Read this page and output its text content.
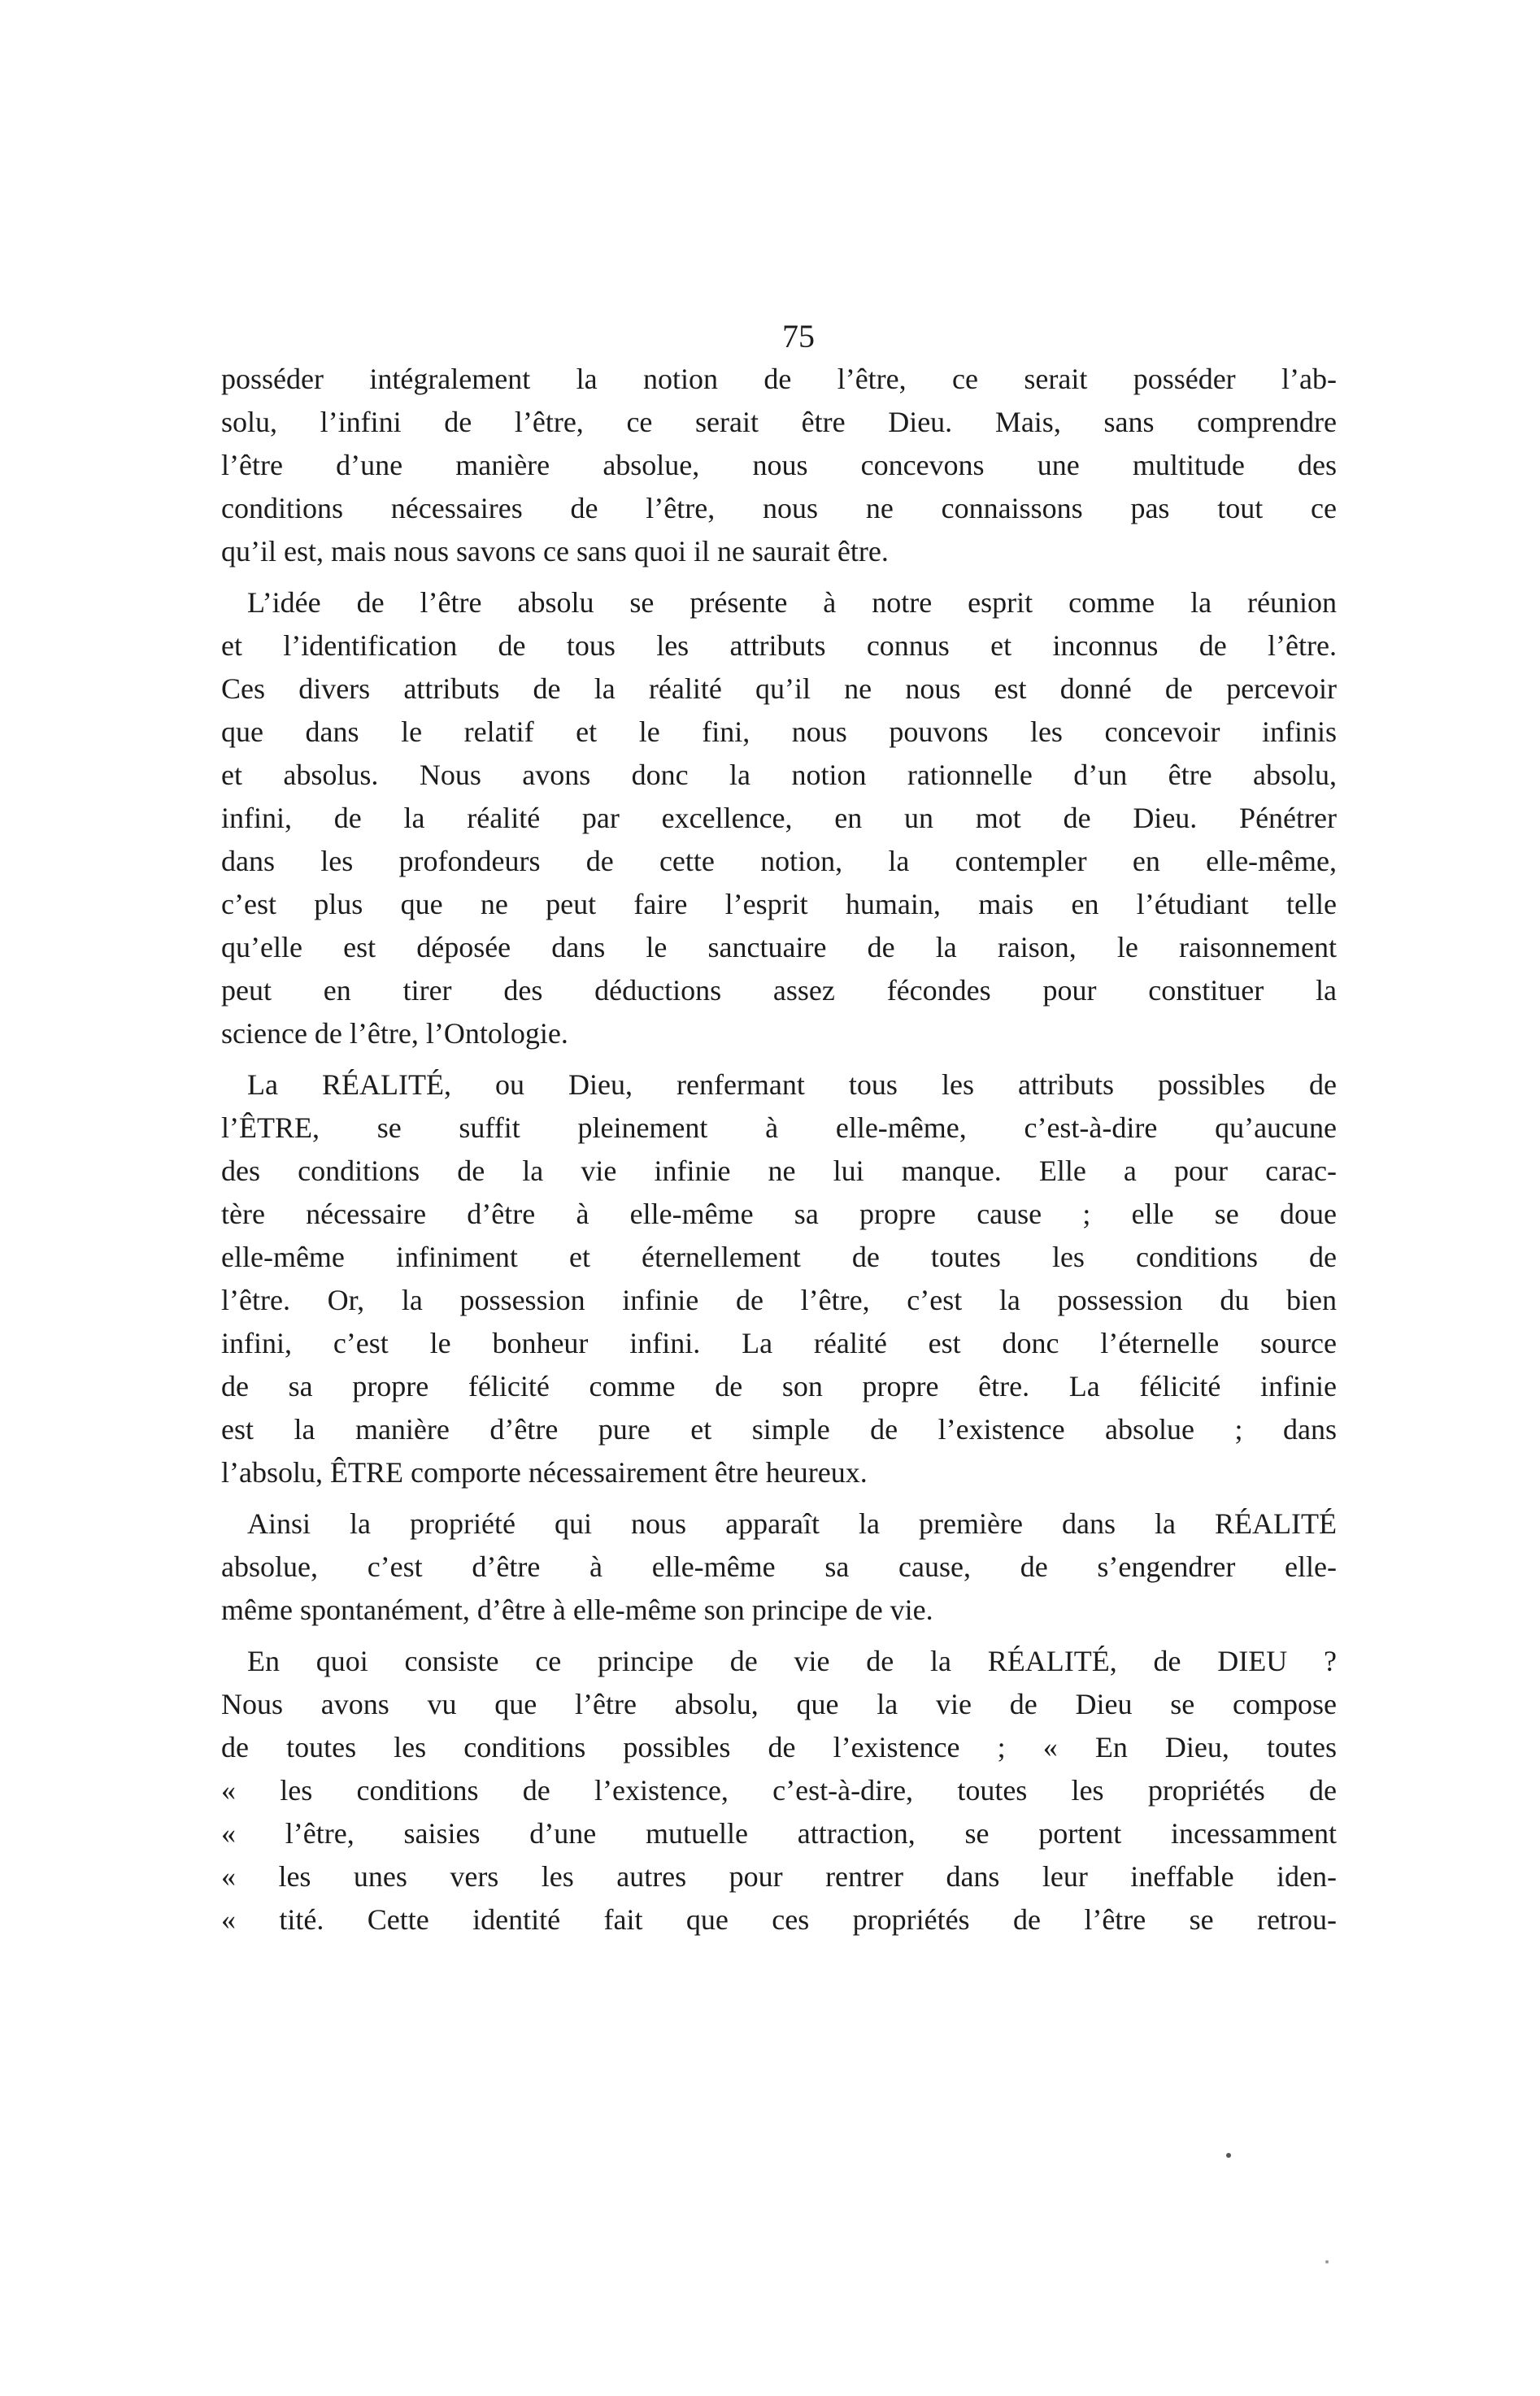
75

posséder intégralement la notion de l’être, ce serait posséder l’ab-
solu, l’infini de l’être, ce serait être Dieu. Mais, sans comprendre
l’être d’une manière absolue, nous concevons une multitude des
conditions nécessaires de l’être, nous ne connaissons pas tout ce
qu’il est, mais nous savons ce sans quoi il ne saurait être.

L’idée de l’être absolu se présente à notre esprit comme la réunion
et l’identification de tous les attributs connus et inconnus de l’être.
Ces divers attributs de la réalité qu’il ne nous est donné de percevoir
que dans le relatif et le fini, nous pouvons les concevoir infinis
et absolus. Nous avons donc la notion rationnelle d’un être absolu,
infini, de la réalité par excellence, en un mot de Dieu. Pénétrer
dans les profondeurs de cette notion, la contempler en elle-même,
c’est plus que ne peut faire l’esprit humain, mais en l’étudiant telle
qu’elle est déposée dans le sanctuaire de la raison, le raisonnement
peut en tirer des déductions assez fécondes pour constituer la
science de l’être, l’Ontologie.

La RÉALITÉ, ou Dieu, renfermant tous les attributs possibles de
l’ÊTRE, se suffit pleinement à elle-même, c’est-à-dire qu’aucune
des conditions de la vie infinie ne lui manque. Elle a pour carac-
tère nécessaire d’être à elle-même sa propre cause ; elle se doue
elle-même infiniment et éternellement de toutes les conditions de
l’être. Or, la possession infinie de l’être, c’est la possession du bien
infini, c’est le bonheur infini. La réalité est donc l’éternelle source
de sa propre félicité comme de son propre être. La félicité infinie
est la manière d’être pure et simple de l’existence absolue ; dans
l’absolu, ÊTRE comporte nécessairement être heureux.

Ainsi la propriété qui nous apparaît la première dans la RÉALITÉ
absolue, c’est d’être à elle-même sa cause, de s’engendrer elle-
même spontanément, d’être à elle-même son principe de vie.

En quoi consiste ce principe de vie de la RÉALITÉ, de DIEU ?
Nous avons vu que l’être absolu, que la vie de Dieu se compose
de toutes les conditions possibles de l’existence ; « En Dieu, toutes
« les conditions de l’existence, c’est-à-dire, toutes les propriétés de
« l’être, saisies d’une mutuelle attraction, se portent incessamment
« les unes vers les autres pour rentrer dans leur ineffable iden-
« tité. Cette identité fait que ces propriétés de l’être se retrou-
